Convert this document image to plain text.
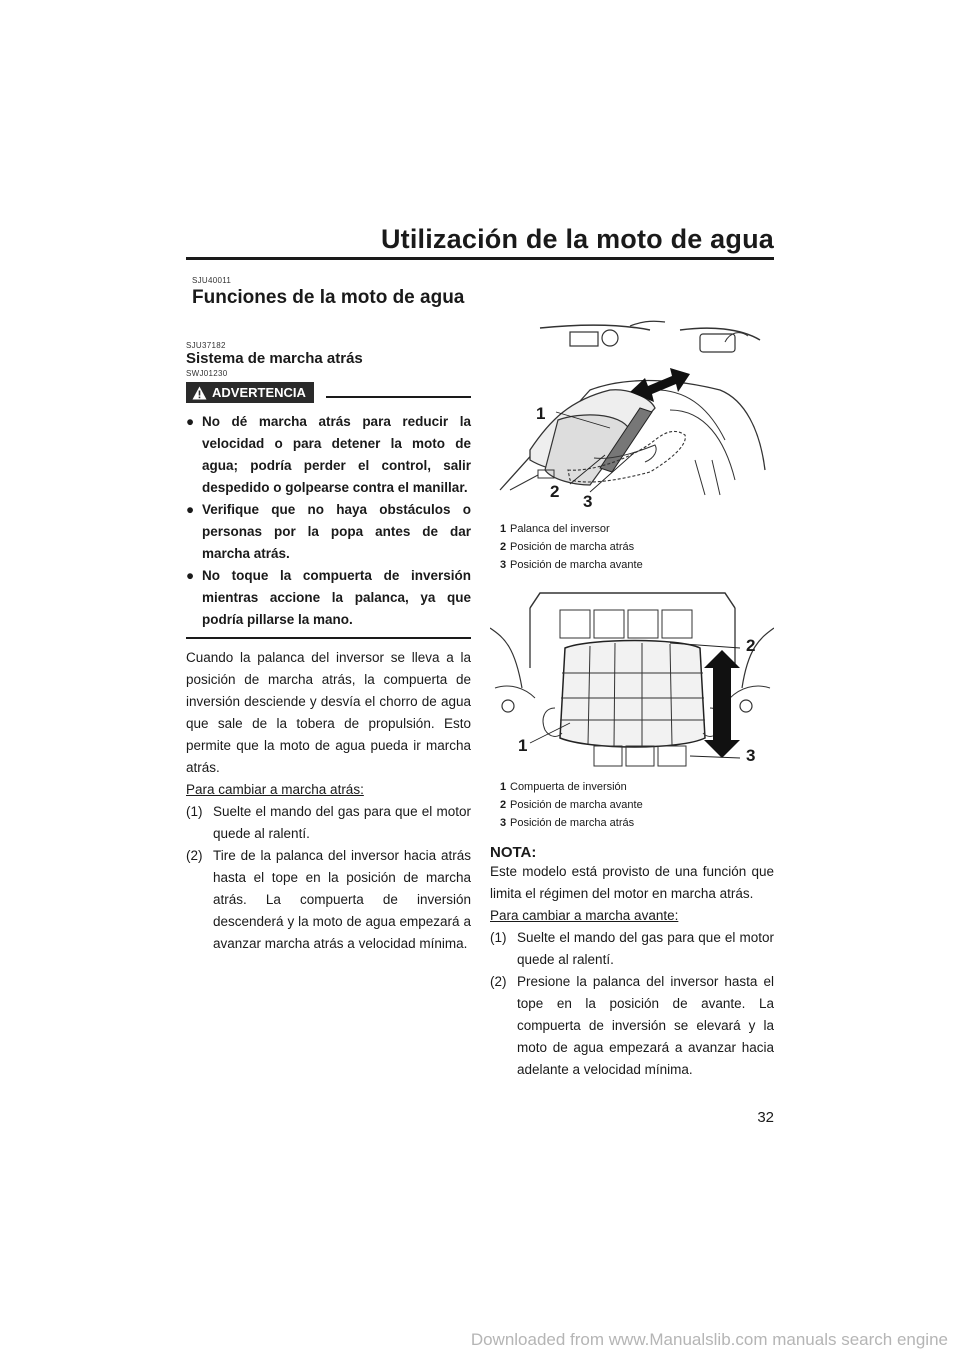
Utilización de la moto de agua
SJU40011
Funciones de la moto de agua
SJU37182
Sistema de marcha atrás
SWJ01230
ADVERTENCIA
● No dé marcha atrás para reducir la velocidad o para detener la moto de agua; podría perder el control, salir despedido o golpearse contra el manillar.
● Verifique que no haya obstáculos o personas por la popa antes de dar marcha atrás.
● No toque la compuerta de inversión mientras accione la palanca, ya que podría pillarse la mano.

Cuando la palanca del inversor se lleva a la posición de marcha atrás, la compuerta de inversión desciende y desvía el chorro de agua que sale de la tobera de propulsión. Esto permite que la moto de agua pueda ir marcha atrás.

Para cambiar a marcha atrás:
(1) Suelte el mando del gas para que el motor quede al ralentí.
(2) Tire de la palanca del inversor hacia atrás hasta el tope en la posición de marcha atrás. La compuerta de inversión descenderá y la moto de agua empezará a avanzar marcha atrás a velocidad mínima.
1
2
3
1 Palanca del inversor
2 Posición de marcha atrás
3 Posición de marcha avante
2
1
3
1 Compuerta de inversión
2 Posición de marcha avante
3 Posición de marcha atrás
NOTA:

Este modelo está provisto de una función que limita el régimen del motor en marcha atrás.

Para cambiar a marcha avante:
(1) Suelte el mando del gas para que el motor quede al ralentí.
(2) Presione la palanca del inversor hasta el tope en la posición de avante. La compuerta de inversión se elevará y la moto de agua empezará a avanzar hacia adelante a velocidad mínima.
32
Downloaded from www.Manualslib.com manuals search engine
